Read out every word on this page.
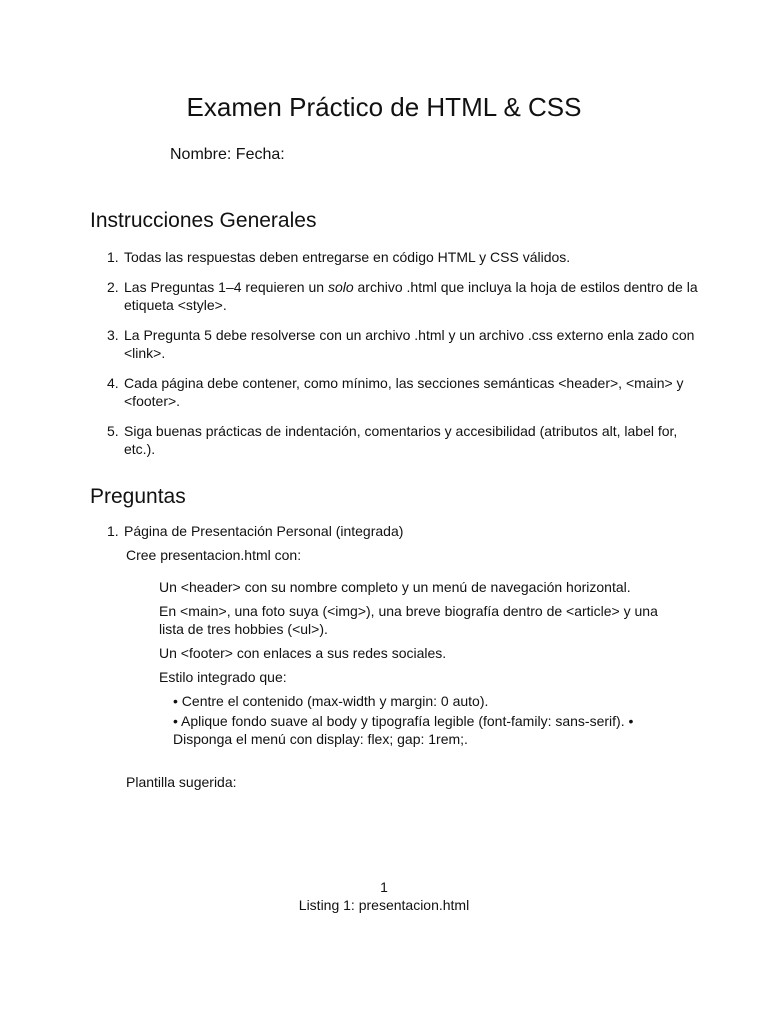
Examen Práctico de HTML & CSS
Nombre: Fecha:
Instrucciones Generales
1. Todas las respuestas deben entregarse en código HTML y CSS válidos.
2. Las Preguntas 1–4 requieren un solo archivo .html que incluya la hoja de estilos dentro de la etiqueta <style>.
3. La Pregunta 5 debe resolverse con un archivo .html y un archivo .css externo enla zado con <link>.
4. Cada página debe contener, como mínimo, las secciones semánticas <header>, <main> y <footer>.
5. Siga buenas prácticas de indentación, comentarios y accesibilidad (atributos alt, label for, etc.).
Preguntas
1. Página de Presentación Personal (integrada)
Cree presentacion.html con:
Un <header> con su nombre completo y un menú de navegación horizontal.
En <main>, una foto suya (<img>), una breve biografía dentro de <article> y una lista de tres hobbies (<ul>).
Un <footer> con enlaces a sus redes sociales.
Estilo integrado que:
• Centre el contenido (max-width y margin: 0 auto).
• Aplique fondo suave al body y tipografía legible (font-family: sans-serif). • Disponga el menú con display: flex; gap: 1rem;.
Plantilla sugerida:
1
Listing 1: presentacion.html
